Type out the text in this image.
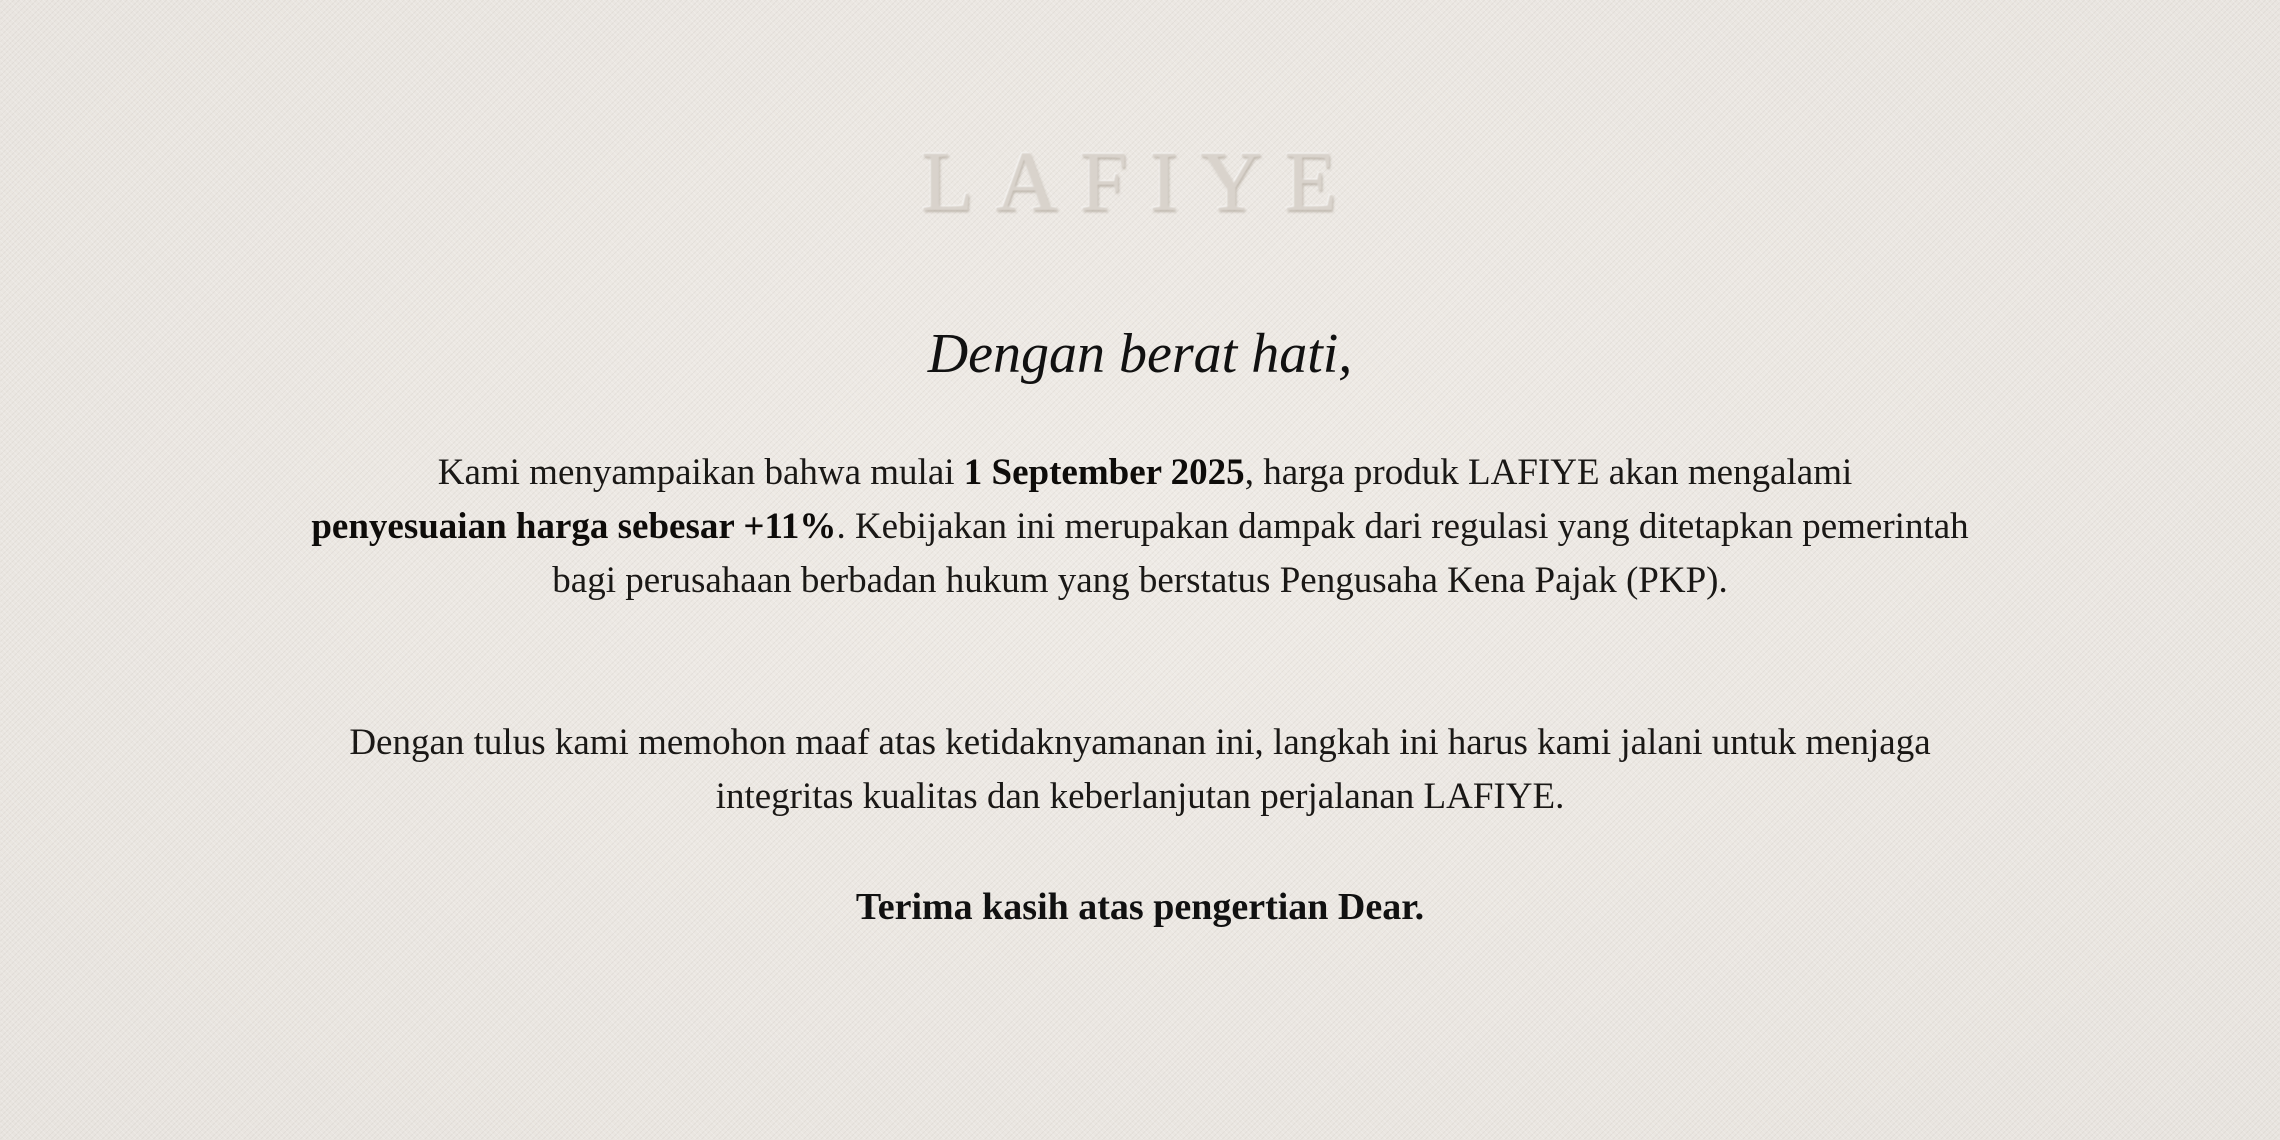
LAFIYE
Dengan berat hati,
Kami menyampaikan bahwa mulai 1 September 2025, harga produk LAFIYE akan mengalami
penyesuaian harga sebesar +11%. Kebijakan ini merupakan dampak dari regulasi yang ditetapkan pemerintah
bagi perusahaan berbadan hukum yang berstatus Pengusaha Kena Pajak (PKP).
Dengan tulus kami memohon maaf atas ketidaknyamanan ini, langkah ini harus kami jalani untuk menjaga
integritas kualitas dan keberlanjutan perjalanan LAFIYE.
Terima kasih atas pengertian Dear.
